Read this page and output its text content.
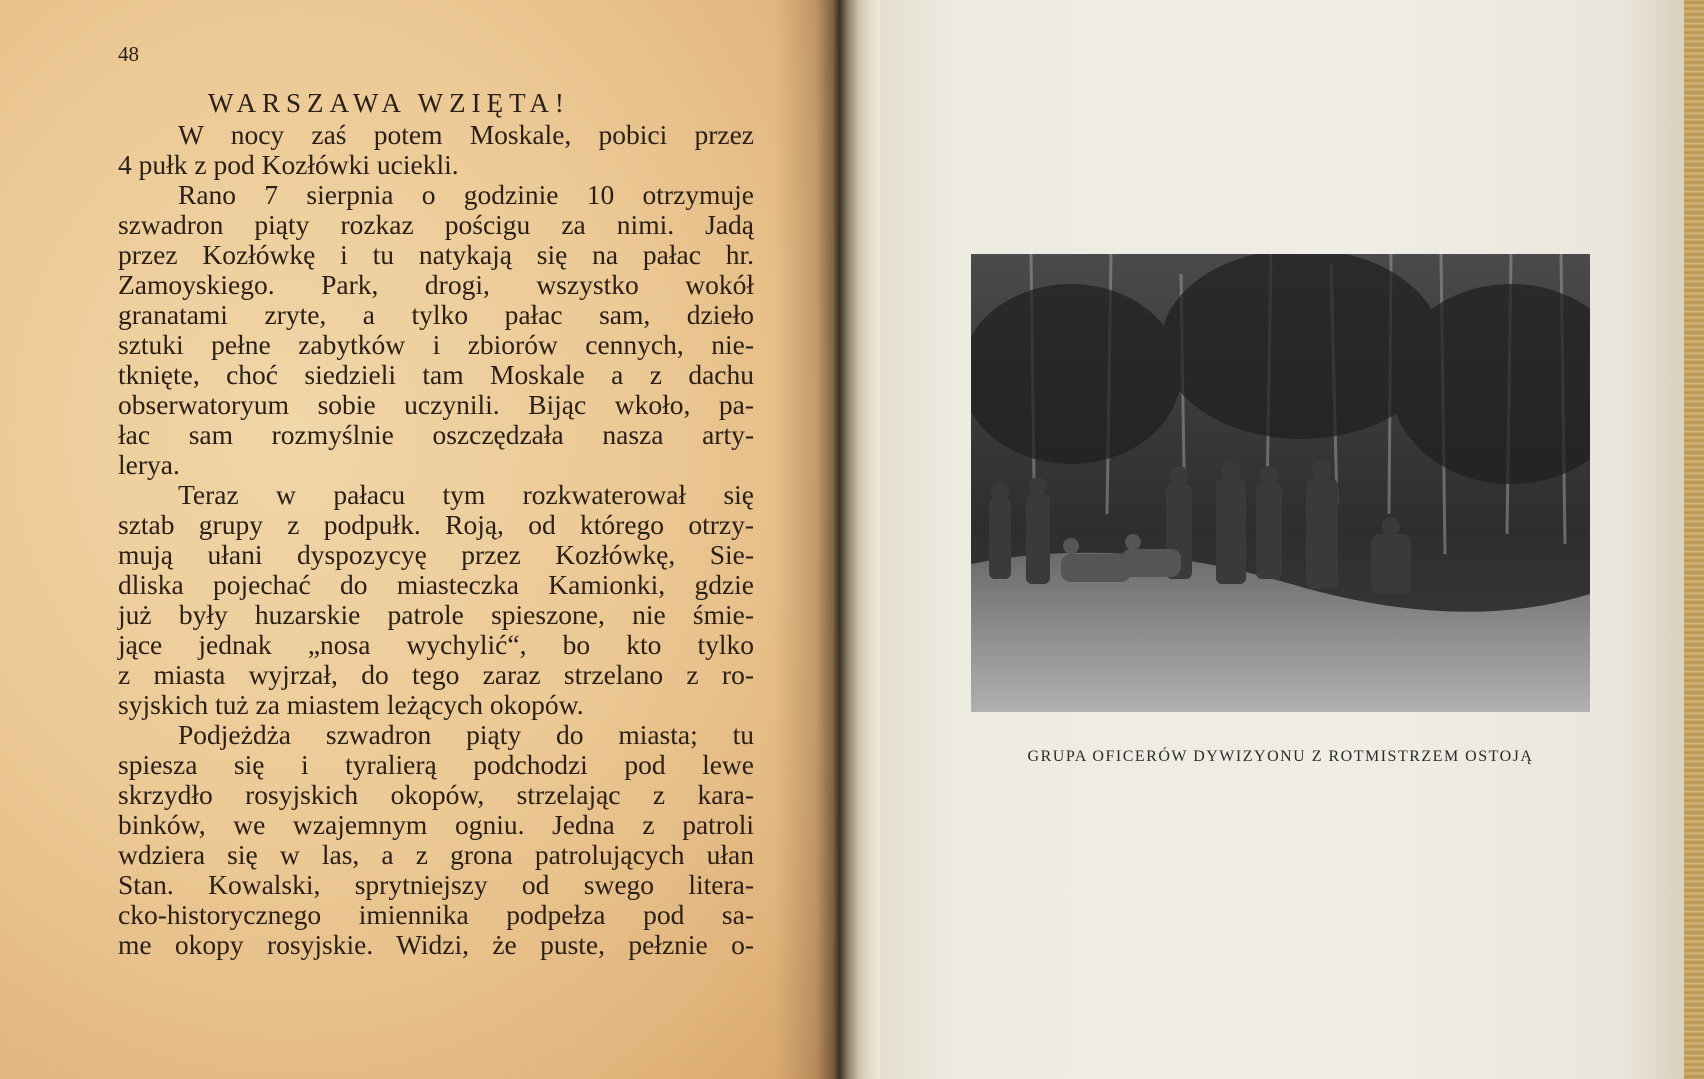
48
WARSZAWA WZIĘTA!
W nocy zaś potem Moskale, pobici przez
4 pułk z pod Kozłówki uciekli.
Rano 7 sierpnia o godzinie 10 otrzymuje
szwadron piąty rozkaz pościgu za nimi. Jadą
przez Kozłówkę i tu natykają się na pałac hr.
Zamoyskiego. Park, drogi, wszystko wokół
granatami zryte, a tylko pałac sam, dzieło
sztuki pełne zabytków i zbiorów cennych, nie-
tknięte, choć siedzieli tam Moskale a z dachu
obserwatoryum sobie uczynili. Bijąc wkoło, pa-
łac sam rozmyślnie oszczędzała nasza arty-
lerya.
Teraz w pałacu tym rozkwaterował się
sztab grupy z podpułk. Roją, od którego otrzy-
mują ułani dyspozycyę przez Kozłówkę, Sie-
dliska pojechać do miasteczka Kamionki, gdzie
już były huzarskie patrole spieszone, nie śmie-
jące jednak „nosa wychylić“, bo kto tylko
z miasta wyjrzał, do tego zaraz strzelano z ro-
syjskich tuż za miastem leżących okopów.
Podjeżdża szwadron piąty do miasta; tu
spiesza się i tyralierą podchodzi pod lewe
skrzydło rosyjskich okopów, strzelając z kara-
binków, we wzajemnym ogniu. Jedna z patroli
wdziera się w las, a z grona patrolujących ułan
Stan. Kowalski, sprytniejszy od swego litera-
cko-historycznego imiennika podpełza pod sa-
me okopy rosyjskie. Widzi, że puste, pełznie o-
GRUPA OFICERÓW DYWIZYONU Z ROTMISTRZEM OSTOJĄ
